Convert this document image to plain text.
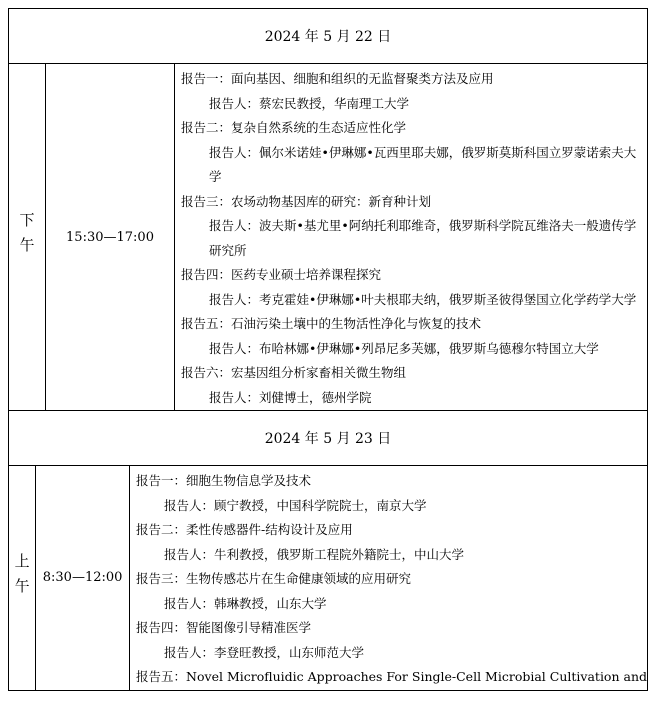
2024 年 5 月 22 日
下午 15:30—17:00
报告一：面向基因、细胞和组织的无监督聚类方法及应用
报告人：蔡宏民教授，华南理工大学
报告二：复杂自然系统的生态适应性化学
报告人：佩尔米诺娃•伊琳娜•瓦西里耶夫娜，俄罗斯莫斯科国立罗蒙诺索夫大学
报告三：农场动物基因库的研究：新育种计划
报告人：波夫斯•基尤里•阿纳托利耶维奇，俄罗斯科学院瓦维洛夫一般遗传学研究所
报告四：医药专业硕士培养课程探究
报告人：考克霍娃•伊琳娜•叶夫根耶夫纳，俄罗斯圣彼得堡国立化学药学大学
报告五：石油污染土壤中的生物活性净化与恢复的技术
报告人：布哈林娜•伊琳娜•列昂尼多芙娜，俄罗斯乌德穆尔特国立大学
报告六：宏基因组分析家畜相关微生物组
报告人：刘健博士，德州学院
2024 年 5 月 23 日
上午 8:30—12:00
报告一：细胞生物信息学及技术
报告人：顾宁教授，中国科学院院士，南京大学
报告二：柔性传感器件-结构设计及应用
报告人：牛利教授，俄罗斯工程院外籍院士，中山大学
报告三：生物传感芯片在生命健康领域的应用研究
报告人：韩琳教授，山东大学
报告四：智能图像引导精准医学
报告人：李登旺教授，山东师范大学
报告五：Novel Microfluidic Approaches For Single-Cell Microbial Cultivation and
